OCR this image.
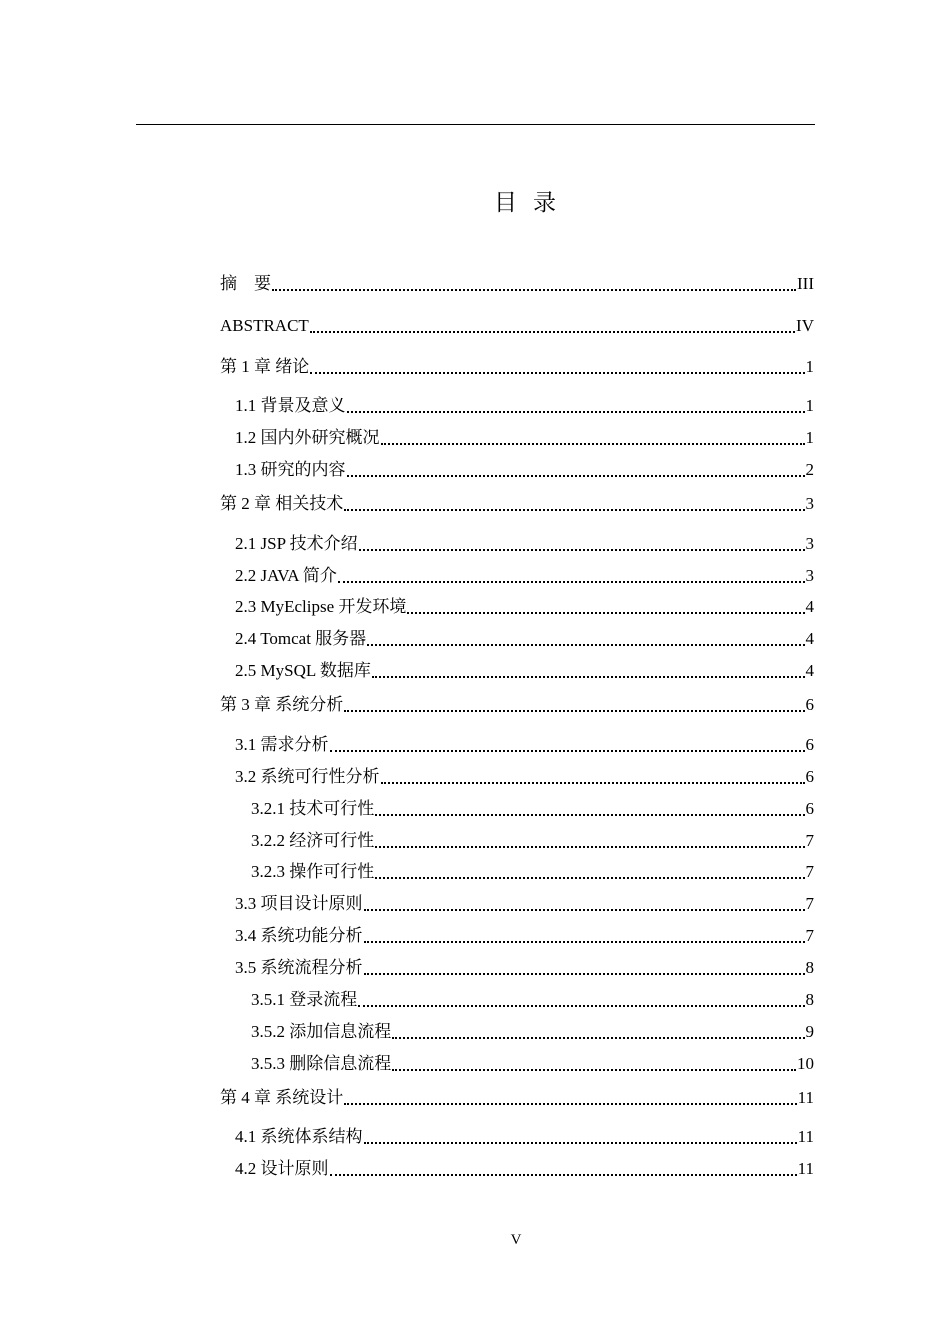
目 录
摘　要	III
ABSTRACT	IV
第 1 章 绪论	1
1.1 背景及意义	1
1.2 国内外研究概况	1
1.3 研究的内容	2
第 2 章 相关技术	3
2.1 JSP 技术介绍	3
2.2 JAVA 简介	3
2.3 MyEclipse 开发环境	4
2.4 Tomcat 服务器	4
2.5 MySQL 数据库	4
第 3 章 系统分析	6
3.1 需求分析	6
3.2 系统可行性分析	6
3.2.1 技术可行性	6
3.2.2 经济可行性	7
3.2.3 操作可行性	7
3.3 项目设计原则	7
3.4 系统功能分析	7
3.5 系统流程分析	8
3.5.1 登录流程	8
3.5.2 添加信息流程	9
3.5.3 删除信息流程	10
第 4 章 系统设计	11
4.1 系统体系结构	11
4.2 设计原则	11
V
